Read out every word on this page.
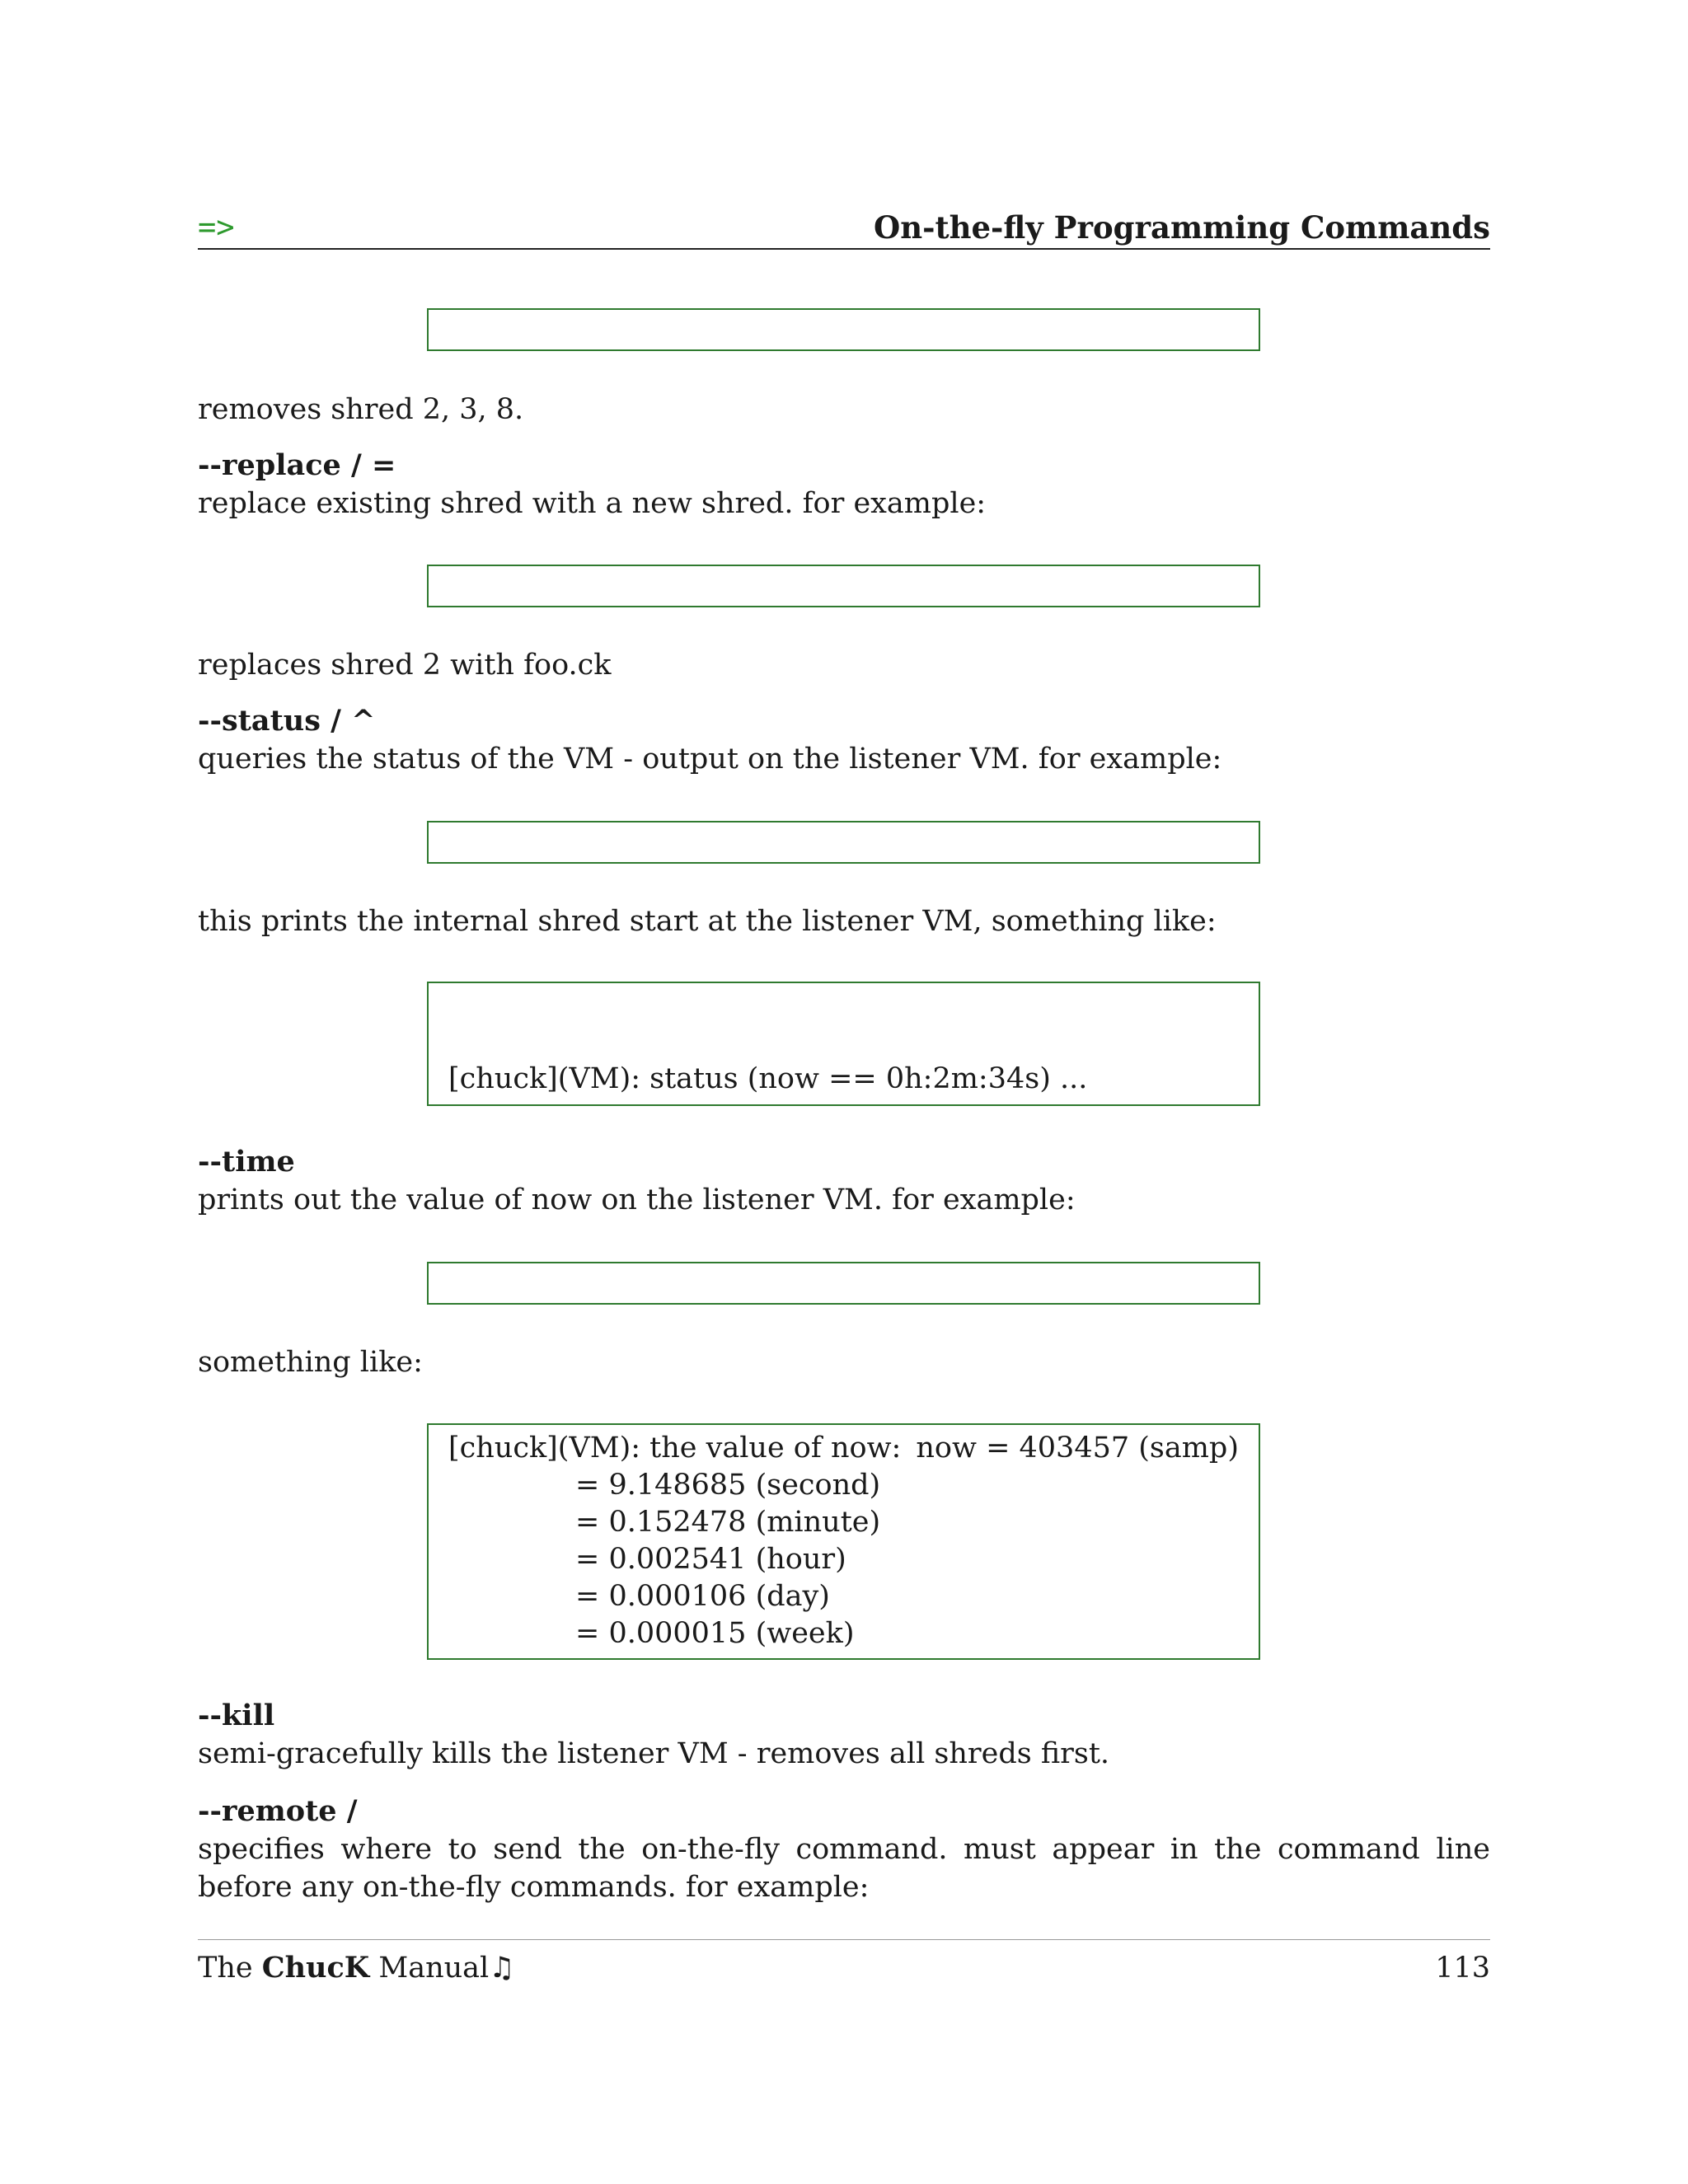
=>	On-the-fly Programming Commands

removes shred 2, 3, 8.
--replace / =
replace existing shred with a new shred. for example:

replaces shred 2 with foo.ck
--status / ^
queries the status of the VM - output on the listener VM. for example:

this prints the internal shred start at the listener VM, something like:

[chuck](VM): status (now == 0h:2m:34s) ...

--time
prints out the value of now on the listener VM. for example:

something like:

[chuck](VM): the value of now:

now = 403457 (samp)

= 9.148685 (second)

= 0.152478 (minute)

= 0.002541 (hour)

= 0.000106 (day)

= 0.000015 (week)

--kill
semi-gracefully kills the listener VM - removes all shreds first.
--remote /
specifies where to send the on-the-fly command. must appear in the command line before any on-the-fly commands. for example:
The ChucK Manual♫	113
